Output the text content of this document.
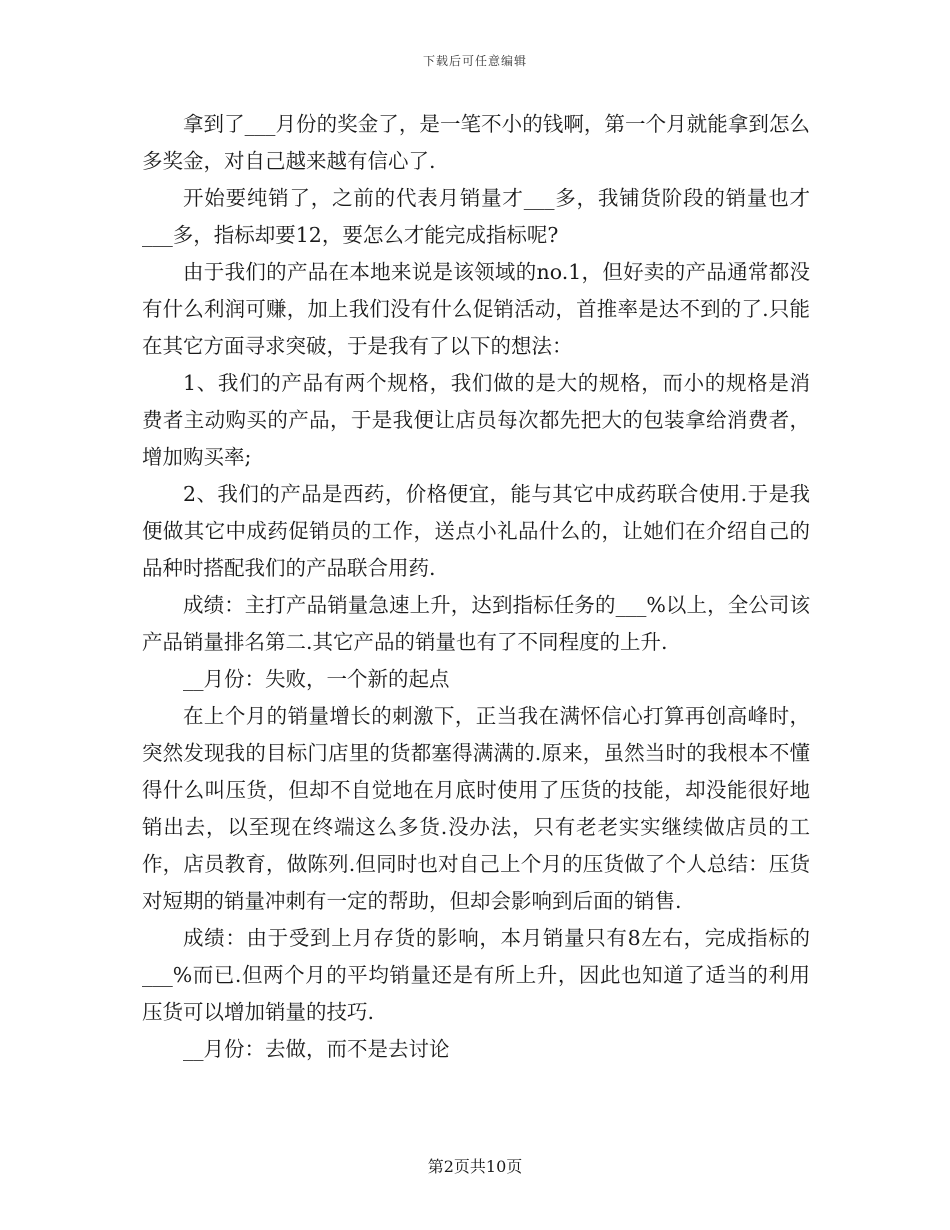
下载后可任意编辑

拿到了___月份的奖金了，是一笔不小的钱啊，第一个月就能拿到怎么多奖金，对自己越来越有信心了.

开始要纯销了，之前的代表月销量才___多，我铺货阶段的销量也才___多，指标却要12，要怎么才能完成指标呢?

由于我们的产品在本地来说是该领域的no.1，但好卖的产品通常都没有什么利润可赚，加上我们没有什么促销活动，首推率是达不到的了.只能在其它方面寻求突破，于是我有了以下的想法：

1、我们的产品有两个规格，我们做的是大的规格，而小的规格是消费者主动购买的产品，于是我便让店员每次都先把大的包装拿给消费者，增加购买率;

2、我们的产品是西药，价格便宜，能与其它中成药联合使用.于是我便做其它中成药促销员的工作，送点小礼品什么的，让她们在介绍自己的品种时搭配我们的产品联合用药.

成绩：主打产品销量急速上升，达到指标任务的___%以上，全公司该产品销量排名第二.其它产品的销量也有了不同程度的上升.

__月份：失败，一个新的起点

在上个月的销量增长的刺激下，正当我在满怀信心打算再创高峰时，突然发现我的目标门店里的货都塞得满满的.原来，虽然当时的我根本不懂得什么叫压货，但却不自觉地在月底时使用了压货的技能，却没能很好地销出去，以至现在终端这么多货.没办法，只有老老实实继续做店员的工作，店员教育，做陈列.但同时也对自己上个月的压货做了个人总结：压货对短期的销量冲刺有一定的帮助，但却会影响到后面的销售.

成绩：由于受到上月存货的影响，本月销量只有8左右，完成指标的___%而已.但两个月的平均销量还是有所上升，因此也知道了适当的利用压货可以增加销量的技巧.

__月份：去做，而不是去讨论

第2页共10页
